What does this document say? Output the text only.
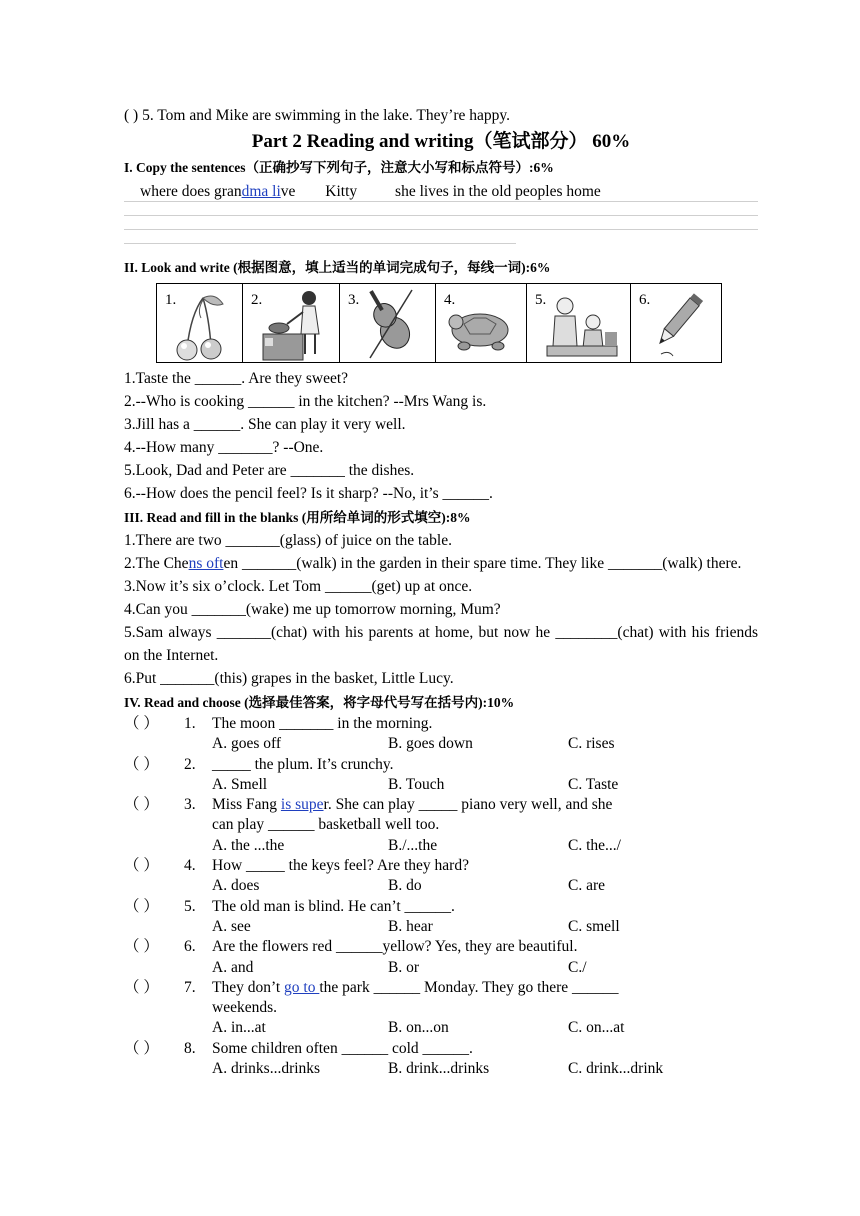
( ) 5. Tom and Mike are swimming in the lake. They’re happy.
Part 2 Reading and writing（笔试部分） 60%
I. Copy the sentences（正确抄写下列句子，注意大小写和标点符号）:6%
where does grandma live Kitty she lives in the old peoples home
II. Look and write (根据图意，填上适当的单词完成句子，每线一词):6%
1.	2.	3.	4.	5.	6.
1.Taste the ______. Are they sweet?
2.--Who is cooking ______ in the kitchen? --Mrs Wang is.
3.Jill has a ______. She can play it very well.
4.--How many _______? --One.
5.Look, Dad and Peter are _______ the dishes.
6.--How does the pencil feel? Is it sharp? --No, it’s ______.
III. Read and fill in the blanks (用所给单词的形式填空):8%
1.There are two _______(glass) of juice on the table.
2.The Chens often _______(walk) in the garden in their spare time. They like _______(walk) there.
3.Now it’s six o’clock. Let Tom ______(get) up at once.
4.Can you _______(wake) me up tomorrow morning, Mum?
5.Sam always _______(chat) with his parents at home, but now he ________(chat) with his friends on the Internet.
6.Put _______(this) grapes in the basket, Little Lucy.
IV. Read and choose (选择最佳答案，将字母代号写在括号内):10%
（ ）	1.	The moon _______ in the morning.
A. goes off	B. goes down	C. rises
（ ）	2.	_____ the plum. It’s crunchy.
A. Smell	B. Touch	C. Taste
（ ）	3.	Miss Fang is super. She can play _____ piano very well, and she
can play ______ basketball well too.
A. the ...the	B./...the	C. the.../
（ ）	4.	How _____ the keys feel? Are they hard?
A. does	B. do	C. are
（ ）	5.	The old man is blind. He can’t ______.
A. see	B. hear	C. smell
（ ）	6.	Are the flowers red ______yellow? Yes, they are beautiful.
A. and	B. or	C./
（ ）	7.	They don’t go to the park ______ Monday. They go there ______
weekends.
A. in...at	B. on...on	C. on...at
（ ）	8.	Some children often ______ cold ______.
A. drinks...drinks	B. drink...drinks	C. drink...drink
